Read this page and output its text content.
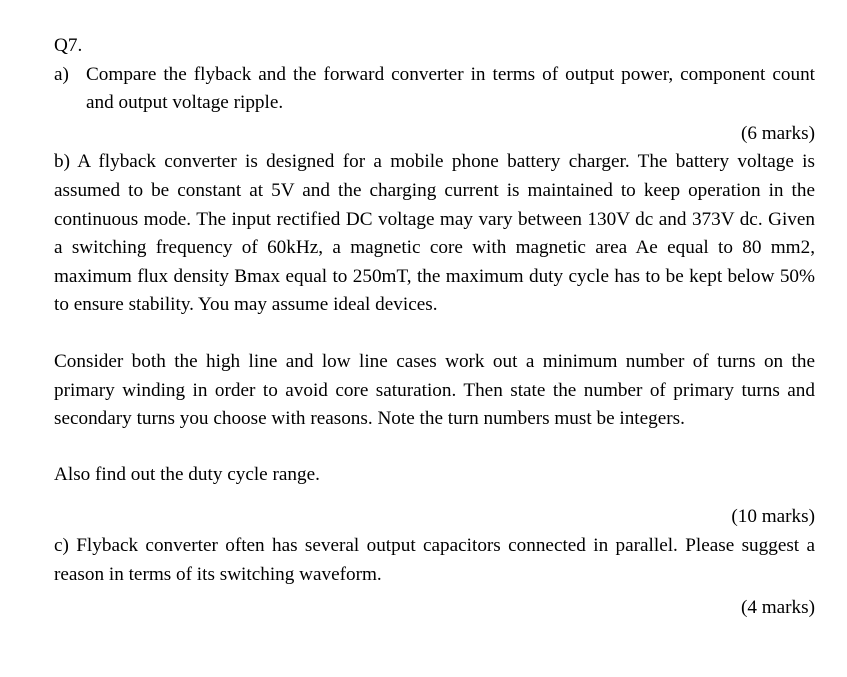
Q7.

a) Compare the flyback and the forward converter in terms of output power, component count and output voltage ripple.

(6 marks)

b) A flyback converter is designed for a mobile phone battery charger. The battery voltage is assumed to be constant at 5V and the charging current is maintained to keep operation in the continuous mode. The input rectified DC voltage may vary between 130V dc and 373V dc. Given a switching frequency of 60kHz, a magnetic core with magnetic area Ae equal to 80 mm2, maximum flux density Bmax equal to 250mT, the maximum duty cycle has to be kept below 50% to ensure stability. You may assume ideal devices.

Consider both the high line and low line cases work out a minimum number of turns on the primary winding in order to avoid core saturation. Then state the number of primary turns and secondary turns you choose with reasons. Note the turn numbers must be integers.

Also find out the duty cycle range.

(10 marks)

c) Flyback converter often has several output capacitors connected in parallel. Please suggest a reason in terms of its switching waveform.

(4 marks)
